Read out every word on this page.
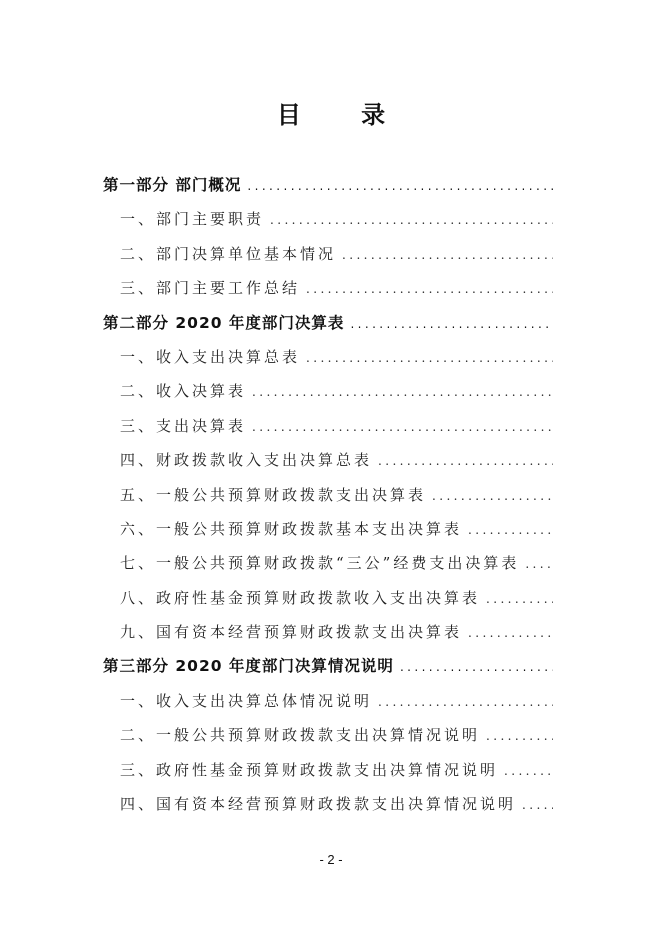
目 录
第一部分 部门概况
.....
一、部门主要职责
.....
二、部门决算单位基本情况
.....
三、部门主要工作总结
.....
第二部分 2020 年度部门决算表
.....
一、收入支出决算总表
.....
二、收入决算表
.....
三、支出决算表
.....
四、财政拨款收入支出决算总表
.....
五、一般公共预算财政拨款支出决算表
.....
六、一般公共预算财政拨款基本支出决算表
.....
七、一般公共预算财政拨款“三公”经费支出决算表
.....
八、政府性基金预算财政拨款收入支出决算表
.....
九、国有资本经营预算财政拨款支出决算表
.....
第三部分 2020 年度部门决算情况说明
.....
一、收入支出决算总体情况说明
.....
二、一般公共预算财政拨款支出决算情况说明
.....
三、政府性基金预算财政拨款支出决算情况说明
.....
四、国有资本经营预算财政拨款支出决算情况说明
.....
- 2 -
